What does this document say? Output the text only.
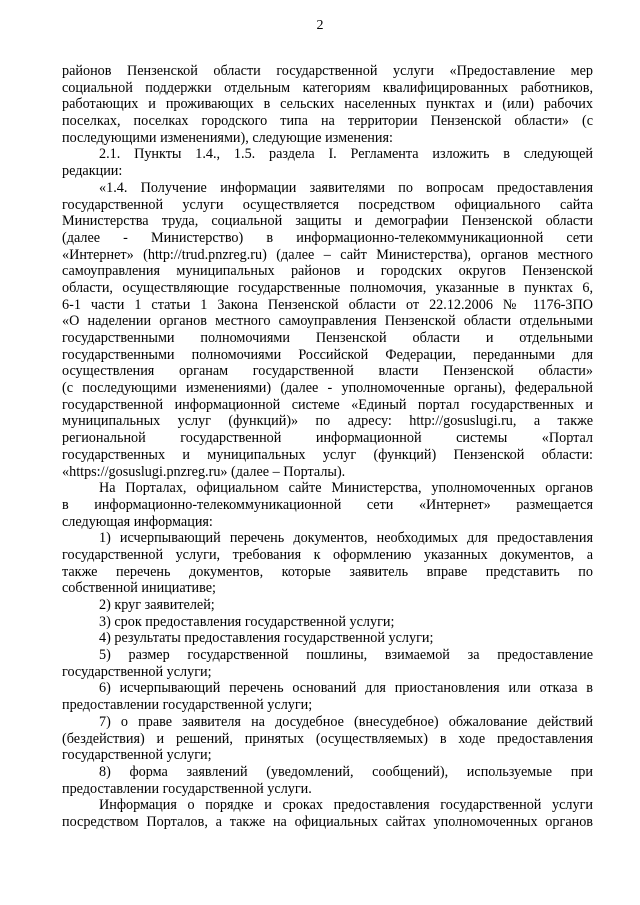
2
районов Пензенской области государственной услуги «Предоставление мер
социальной поддержки отдельным категориям квалифицированных работников,
работающих и проживающих в сельских населенных пунктах и (или) рабочих
поселках, поселках городского типа на территории Пензенской области» (с
последующими изменениями), следующие изменения:
2.1. Пункты 1.4., 1.5. раздела I. Регламента изложить в следующей
редакции:
«1.4. Получение информации заявителями по вопросам предоставления
государственной услуги осуществляется посредством официального сайта
Министерства труда, социальной защиты и демографии Пензенской области
(далее - Министерство) в информационно-телекоммуникационной сети
«Интернет» (http://trud.pnzreg.ru) (далее – сайт Министерства), органов местного
самоуправления муниципальных районов и городских округов Пензенской
области, осуществляющие государственные полномочия, указанные в пунктах 6,
6-1 части 1 статьи 1 Закона Пензенской области от 22.12.2006 № 1176-ЗПО
«О наделении органов местного самоуправления Пензенской области отдельными
государственными полномочиями Пензенской области и отдельными
государственными полномочиями Российской Федерации, переданными для
осуществления органам государственной власти Пензенской области»
(с последующими изменениями) (далее - уполномоченные органы), федеральной
государственной информационной системе «Единый портал государственных и
муниципальных услуг (функций)» по адресу: http://gosuslugi.ru, а также
региональной государственной информационной системы «Портал
государственных и муниципальных услуг (функций) Пензенской области:
«https://gosuslugi.pnzreg.ru» (далее – Порталы).
На Порталах, официальном сайте Министерства, уполномоченных органов
в информационно-телекоммуникационной сети «Интернет» размещается
следующая информация:
1) исчерпывающий перечень документов, необходимых для предоставления
государственной услуги, требования к оформлению указанных документов, а
также перечень документов, которые заявитель вправе представить по
собственной инициативе;
2) круг заявителей;
3) срок предоставления государственной услуги;
4) результаты предоставления государственной услуги;
5) размер государственной пошлины, взимаемой за предоставление
государственной услуги;
6) исчерпывающий перечень оснований для приостановления или отказа в
предоставлении государственной услуги;
7) о праве заявителя на досудебное (внесудебное) обжалование действий
(бездействия) и решений, принятых (осуществляемых) в ходе предоставления
государственной услуги;
8) форма заявлений (уведомлений, сообщений), используемые при
предоставлении государственной услуги.
Информация о порядке и сроках предоставления государственной услуги
посредством Порталов, а также на официальных сайтах уполномоченных органов
